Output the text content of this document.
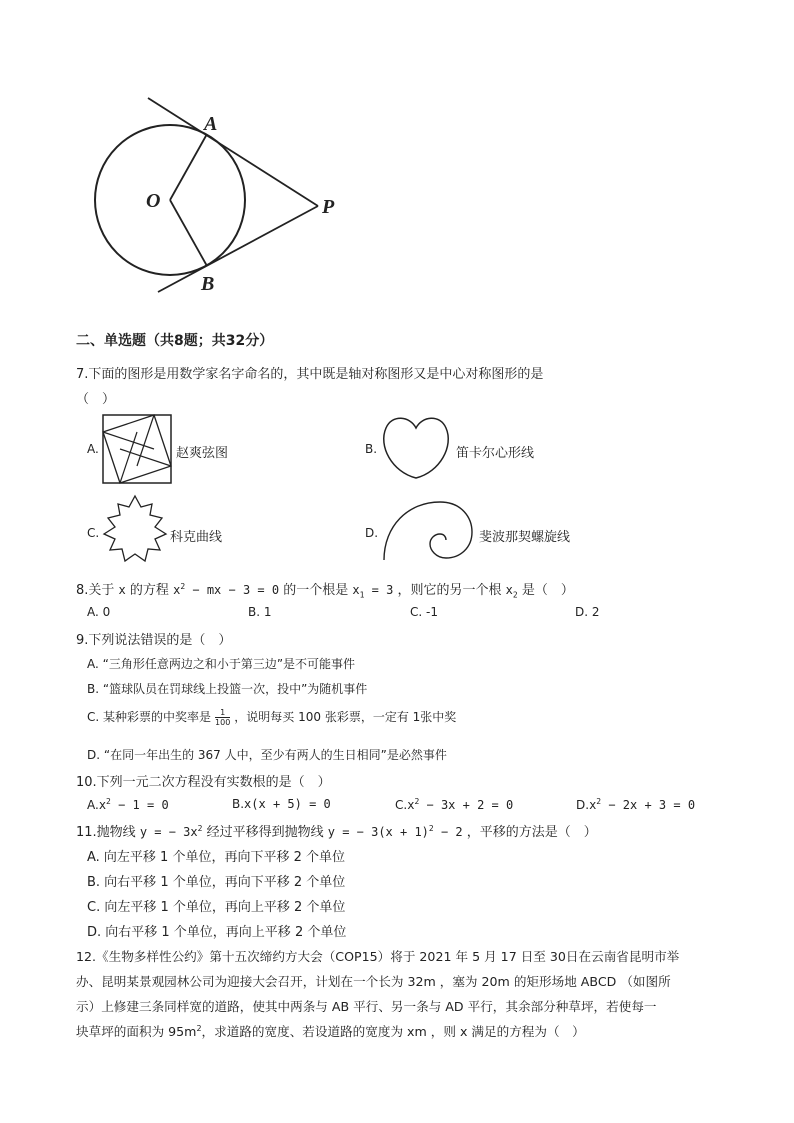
A
O	P
B
二、单选题（共8题；共32分）
7.下面的图形是用数学家名字命名的，其中既是轴对称图形又是中心对称图形的是
（　）
A.	赵爽弦图	B.	笛卡尔心形线
C.	科克曲线	D.	斐波那契螺旋线
8.关于 x 的方程 $x^2$ − mx − 3 = 0 的一个根是 $x_1 = 3$ ，则它的另一个根 $x_2$ 是（　）
A. 0	B. 1	C. -1	D. 2
9.下列说法错误的是（　）
A. “三角形任意两边之和小于第三边”是不可能事件
B. “篮球队员在罚球线上投篮一次，投中”为随机事件
C. 某种彩票的中奖率是 $\frac{1}{100}$ ，说明每买 100 张彩票，一定有 1张中奖
D. “在同一年出生的 367 人中，至少有两人的生日相同”是必然事件
10.下列一元二次方程没有实数根的是（　）
$A.x^2 - 1 = 0$	B.x(x + 5) = 0	$C.x^2 - 3x + 2 = 0$	$D.x^2 - 2x + 3 = 0$
11.抛物线 y = − $3x^2$ 经过平移得到抛物线 y = − $3(x + 1)^2 - 2$ ，平移的方法是（　）
A. 向左平移 1 个单位，再向下平移 2 个单位
B. 向右平移 1 个单位，再向下平移 2 个单位
C. 向左平移 1 个单位，再向上平移 2 个单位
D. 向右平移 1 个单位，再向上平移 2 个单位
12.《生物多样性公约》第十五次缔约方大会（COP15）将于 2021 年 5 月 17 日至 30日在云南省昆明市举
办、昆明某景观园林公司为迎接大会召开，计划在一个长为 32m ，塞为 20m 的矩形场地 ABCD （如图所
示）上修建三条同样宽的道路，使其中两条与 AB 平行、另一条与 AD 平行，其余部分种草坪，若使每一
块草坪的面积为 $95m^2$，求道路的宽度、若设道路的宽度为 xm ，则 x 满足的方程为（　）
